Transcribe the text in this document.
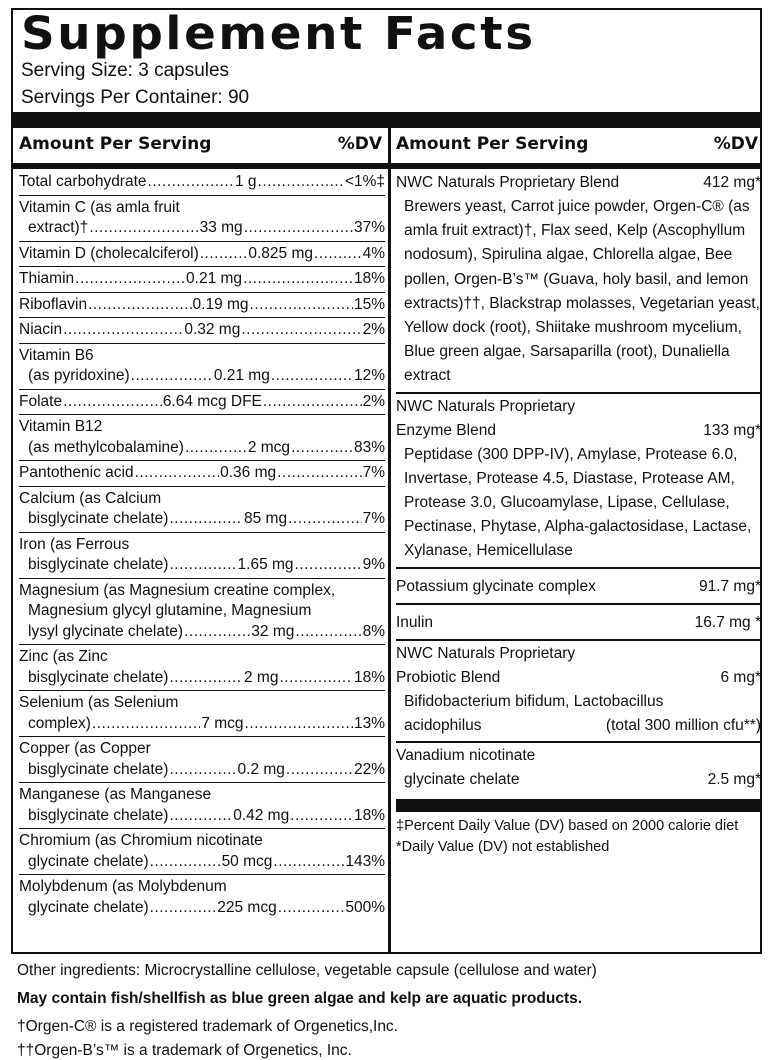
Supplement Facts
Serving Size: 3 capsules
Servings Per Container: 90
Amount Per Serving	%DV Amount Per Serving	%DV
Total carbohydrate .....	1 g .....	<1%‡
Vitamin C (as amla fruit
extract)† .....	33 mg .....	37%
Vitamin D (cholecalciferol) .....	0.825 mg .....	4%
Thiamin .....	0.21 mg .....	18%
Riboflavin .....	0.19 mg .....	15%
Niacin .....	0.32 mg .....	2%
Vitamin B6
(as pyridoxine) .....	0.21 mg .....	12%
Folate .....	6.64 mcg DFE .....	2%
Vitamin B12
(as methylcobalamine) .....	2 mcg .....	83%
Pantothenic acid .....	0.36 mg .....	7%
Calcium (as Calcium
bisglycinate chelate) .....	85 mg .....	7%
Iron (as Ferrous
bisglycinate chelate) .....	1.65 mg .....	9%
Magnesium (as Magnesium creatine complex,
Magnesium glycyl glutamine, Magnesium
lysyl glycinate chelate) .....	32 mg .....	8%
Zinc (as Zinc
bisglycinate chelate) .....	2 mg .....	18%
Selenium (as Selenium
complex) .....	7 mcg .....	13%
Copper (as Copper
bisglycinate chelate) .....	0.2 mg .....	22%
Manganese (as Manganese
bisglycinate chelate) .....	0.42 mg .....	18%
Chromium (as Chromium nicotinate
glycinate chelate) .....	50 mcg .....	143%
Molybdenum (as Molybdenum
glycinate chelate) .....	225 mcg .....	500%
NWC Naturals Proprietary Blend	412 mg*
Brewers yeast, Carrot juice powder, Orgen-C® (as amla fruit extract)†, Flax seed, Kelp (Ascophyllum nodosum), Spirulina algae, Chlorella algae, Bee pollen, Orgen-B’s™ (Guava, holy basil, and lemon extracts)††, Blackstrap molasses, Vegetarian yeast, Yellow dock (root), Shiitake mushroom mycelium, Blue green algae, Sarsaparilla (root), Dunaliella extract
NWC Naturals Proprietary
Enzyme Blend	133 mg*
Peptidase (300 DPP-IV), Amylase, Protease 6.0, Invertase, Protease 4.5, Diastase, Protease AM, Protease 3.0, Glucoamylase, Lipase, Cellulase, Pectinase, Phytase, Alpha-galactosidase, Lactase, Xylanase, Hemicellulase
Potassium glycinate complex	91.7 mg*
Inulin	16.7 mg *
NWC Naturals Proprietary
Probiotic Blend	6 mg*
Bifidobacterium bifidum, Lactobacillus
acidophilus	(total 300 million cfu**)
Vanadium nicotinate
glycinate chelate	2.5 mg*
‡Percent Daily Value (DV) based on 2000 calorie diet
*Daily Value (DV) not established
Other ingredients: Microcrystalline cellulose, vegetable capsule (cellulose and water)
May contain fish/shellfish as blue green algae and kelp are aquatic products.
†Orgen-C® is a registered trademark of Orgenetics,Inc.
††Orgen-B’s™ is a trademark of Orgenetics, Inc.
